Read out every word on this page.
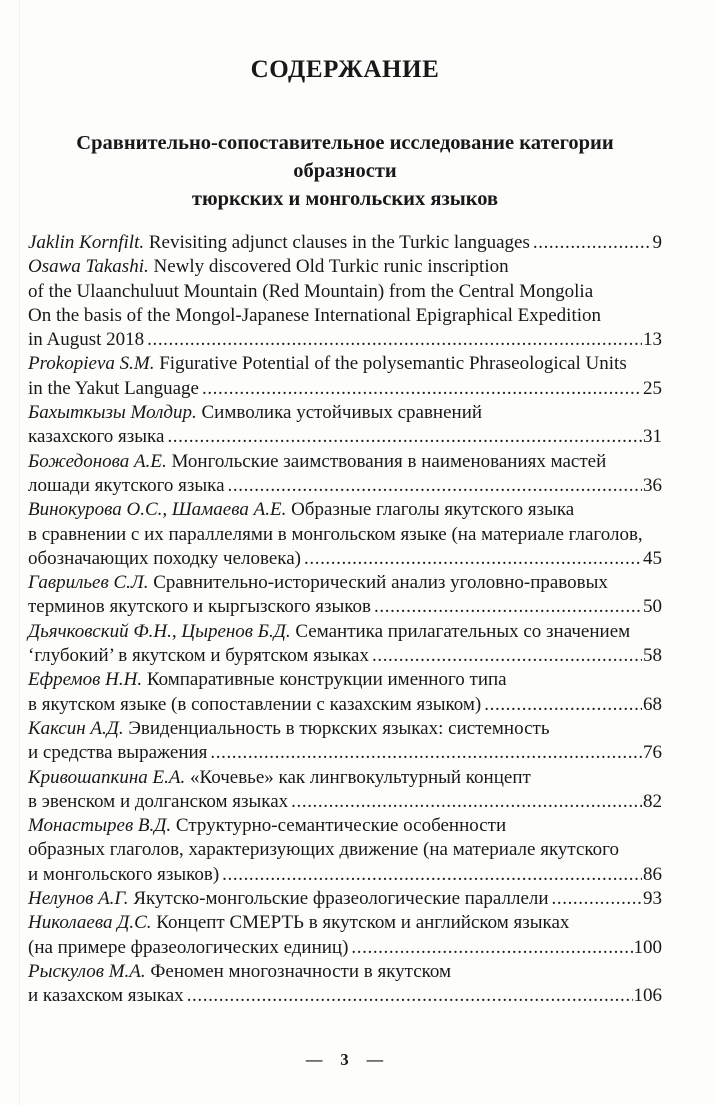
СОДЕРЖАНИЕ
Сравнительно-сопоставительное исследование категории образности
тюркских и монгольских языков
Jaklin Kornfilt. Revisiting adjunct clauses in the Turkic languages .....	9
Osawa Takashi. Newly discovered Old Turkic runic inscription
of the Ulaanchuluut Mountain (Red Mountain) from the Central Mongolia
On the basis of the Mongol-Japanese International Epigraphical Expedition
in August 2018 .....	13
Prokopieva S.M. Figurative Potential of the polysemantic Phraseological Units
in the Yakut Language .....	25
Бахыткызы Молдир. Символика устойчивых сравнений
казахского языка .....	31
Божедонова А.Е. Монгольские заимствования в наименованиях мастей
лошади якутского языка .....	36
Винокурова О.С., Шамаева А.Е. Образные глаголы якутского языка
в сравнении с их параллелями в монгольском языке (на материале глаголов,
обозначающих походку человека) .....	45
Гаврильев С.Л. Сравнительно-исторический анализ уголовно-правовых
терминов якутского и кыргызского языков .....	50
Дьячковский Ф.Н., Цыренов Б.Д. Семантика прилагательных со значением
‘глубокий’ в якутском и бурятском языках .....	58
Ефремов Н.Н. Компаративные конструкции именного типа
в якутском языке (в сопоставлении с казахским языком) .....	68
Каксин А.Д. Эвиденциальность в тюркских языках: системность
и средства выражения .....	76
Кривошапкина Е.А. «Кочевье» как лингвокультурный концепт
в эвенском и долганском языках .....	82
Монастырев В.Д. Структурно-семантические особенности
образных глаголов, характеризующих движение (на материале якутского
и монгольского языков) .....	86
Нелунов А.Г. Якутско-монгольские фразеологические параллели .....	93
Николаева Д.С. Концепт СМЕРТЬ в якутском и английском языках
(на примере фразеологических единиц) .....	100
Рыскулов М.А. Феномен многозначности в якутском
и казахском языках .....	106
— 3 —
